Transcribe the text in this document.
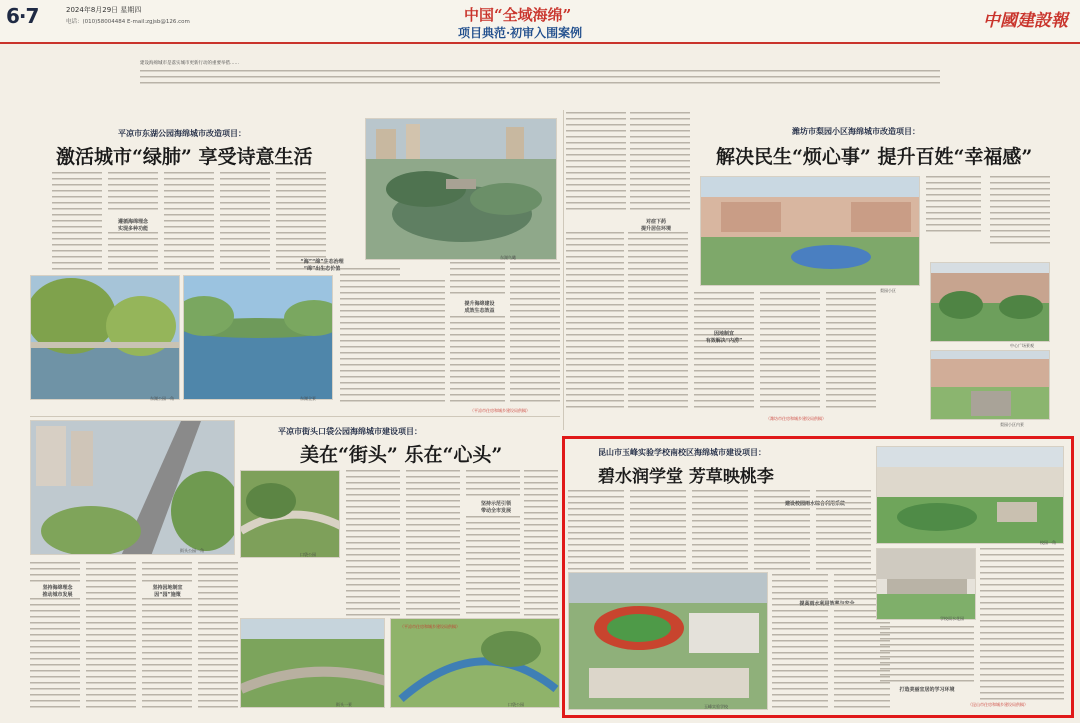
6·7	2024年8月29日 星期四
电话：(010)58004484 E-mail:zgjsb@126.com	中国“全域海绵”
项目典范·初审入围案例
中國建設報
建设海绵城市是落实城市更新行动的重要举措……
平凉市东湖公园海绵城市改造项目：
激活城市“绿肺” 享受诗意生活
东湖鸟瞰
遵循海绵理念
实现多种功能
东湖公园一角	东湖全景
“海”“绵”生态治理
“绵”出生态价值
提升海绵建设
成效生态效益
（平凉市住房和城乡建设局供稿）
潍坊市梨园小区海绵城市改造项目：
解决民生“烦心事” 提升百姓“幸福感”
梨园小区
对症下药
提升居住环境
因地制宜
有效解决“内涝”
中心广场景观
梨园小区内景
（潍坊市住房和城乡建设局供稿）
街头公园一角
平凉市街头口袋公园海绵城市建设项目：
美在“街头” 乐在“心头”
口袋公园
坚持示范引领
带动全市发展
坚持海绵理念
推动城市发展
坚持因地制宜
因“园”施策
街头一景	口袋公园
（平凉市住房和城乡建设局供稿）
昆山市玉峰实验学校南校区海绵城市建设项目：
碧水润学堂 芳草映桃李
建设校园雨水综合利用系统
校园一角
玉峰实验学校
提高雨水利用效率与安全
学校雨水花园
打造美丽宜居的学习环境
（昆山市住房和城乡建设局供稿）
